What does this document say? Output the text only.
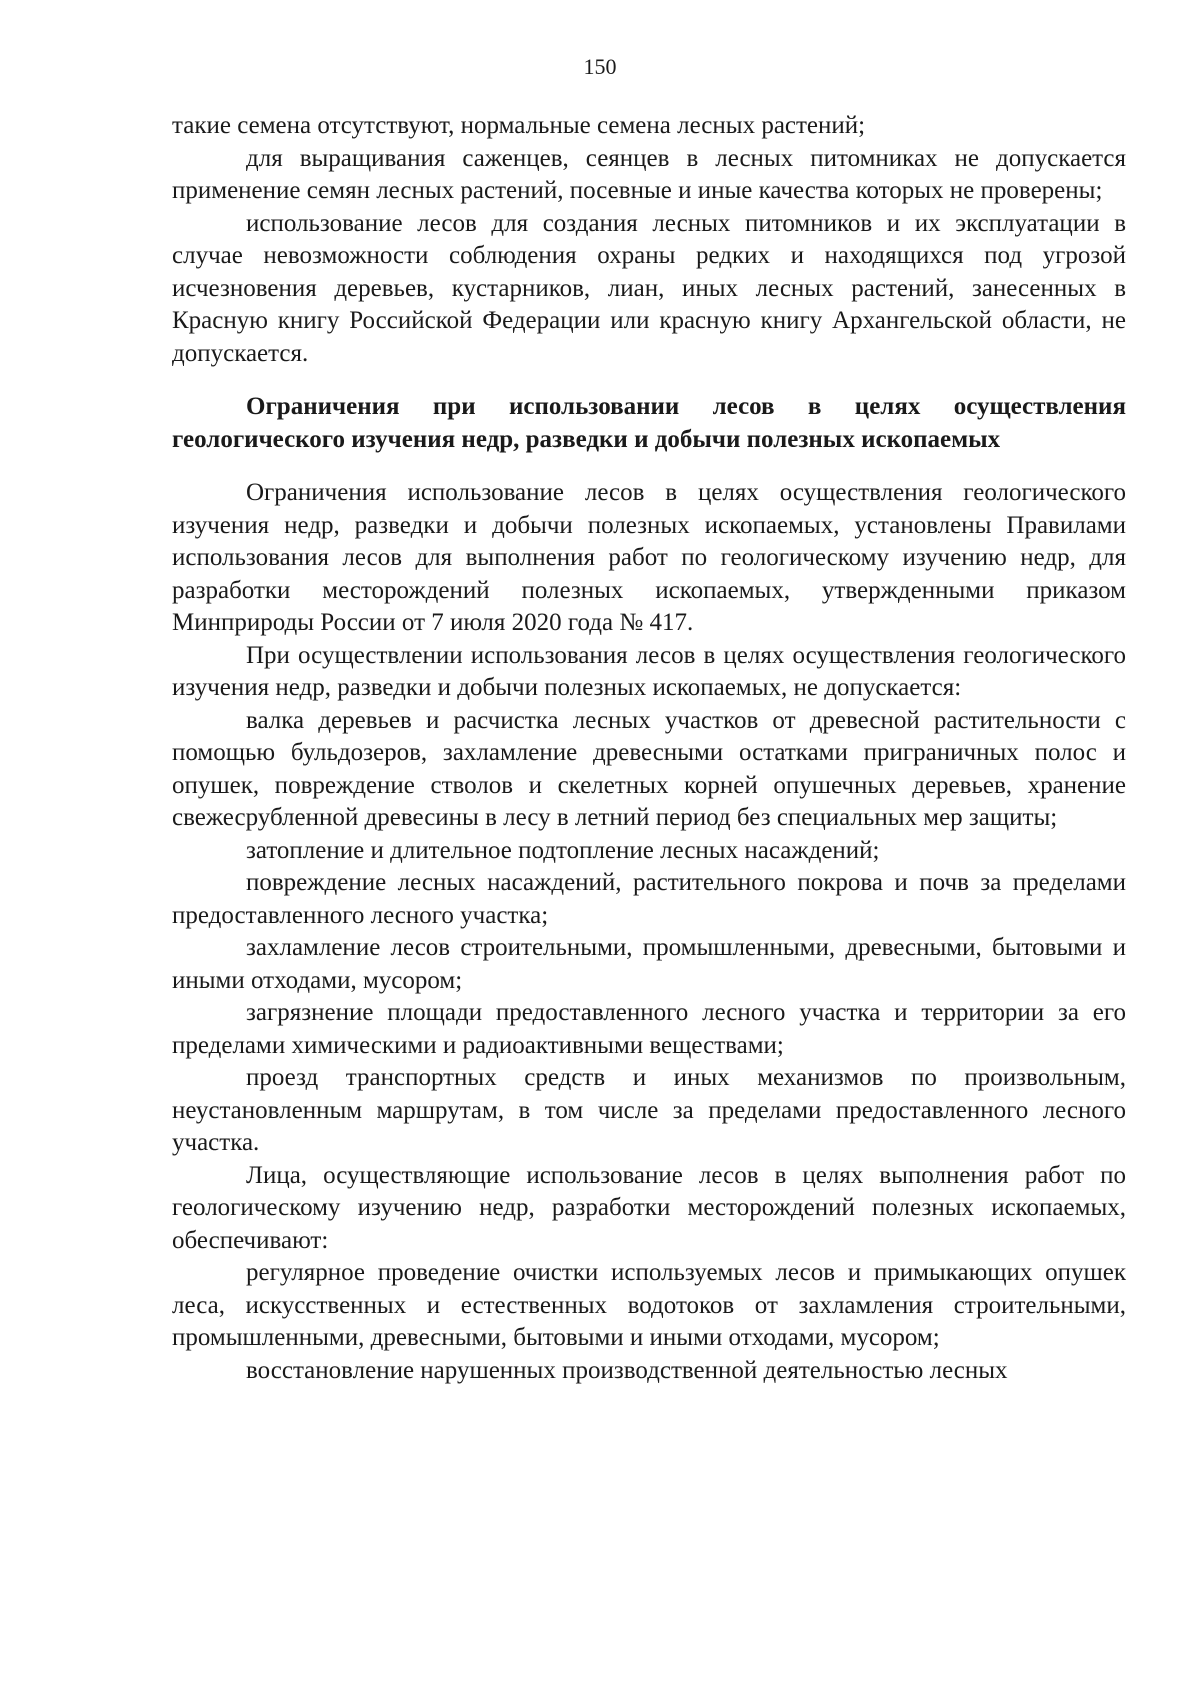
150

такие семена отсутствуют, нормальные семена лесных растений;

для выращивания саженцев, сеянцев в лесных питомниках не допускается применение семян лесных растений, посевные и иные качества которых не проверены;

использование лесов для создания лесных питомников и их эксплуатации в случае невозможности соблюдения охраны редких и находящихся под угрозой исчезновения деревьев, кустарников, лиан, иных лесных растений, занесенных в Красную книгу Российской Федерации или красную книгу Архангельской области, не допускается.

Ограничения при использовании лесов в целях осуществления геологического изучения недр, разведки и добычи полезных ископаемых

Ограничения использование лесов в целях осуществления геологического изучения недр, разведки и добычи полезных ископаемых, установлены Правилами использования лесов для выполнения работ по геологическому изучению недр, для разработки месторождений полезных ископаемых, утвержденными приказом Минприроды России от 7 июля 2020 года № 417.

При осуществлении использования лесов в целях осуществления геологического изучения недр, разведки и добычи полезных ископаемых, не допускается:

валка деревьев и расчистка лесных участков от древесной растительности с помощью бульдозеров, захламление древесными остатками приграничных полос и опушек, повреждение стволов и скелетных корней опушечных деревьев, хранение свежесрубленной древесины в лесу в летний период без специальных мер защиты;

затопление и длительное подтопление лесных насаждений;

повреждение лесных насаждений, растительного покрова и почв за пределами предоставленного лесного участка;

захламление лесов строительными, промышленными, древесными, бытовыми и иными отходами, мусором;

загрязнение площади предоставленного лесного участка и территории за его пределами химическими и радиоактивными веществами;

проезд транспортных средств и иных механизмов по произвольным, неустановленным маршрутам, в том числе за пределами предоставленного лесного участка.

Лица, осуществляющие использование лесов в целях выполнения работ по геологическому изучению недр, разработки месторождений полезных ископаемых, обеспечивают:

регулярное проведение очистки используемых лесов и примыкающих опушек леса, искусственных и естественных водотоков от захламления строительными, промышленными, древесными, бытовыми и иными отходами, мусором;

восстановление нарушенных производственной деятельностью лесных
